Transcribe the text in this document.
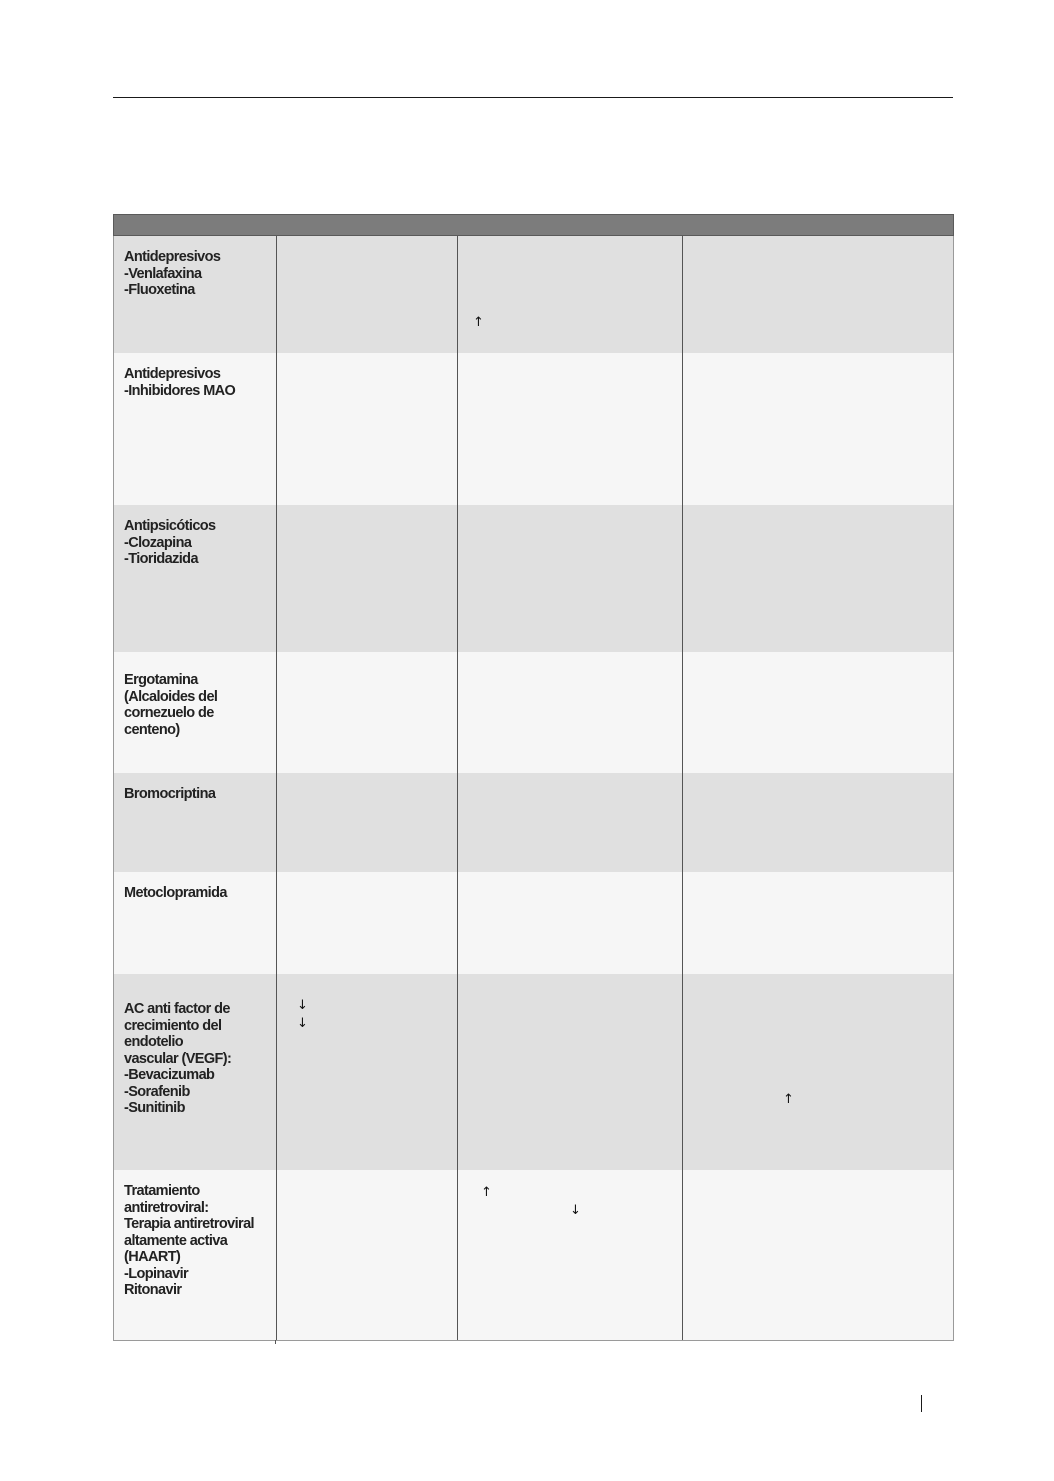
Antidepresivos
-Venlafaxina
-Fluoxetina
↑
Antidepresivos
-Inhibidores MAO
Antipsicóticos
-Clozapina
-Tioridazida
Ergotamina
(Alcaloides del
cornezuelo de
centeno)
Bromocriptina
Metoclopramida
AC anti factor de
crecimiento del
endotelio
vascular (VEGF):
-Bevacizumab
-Sorafenib
-Sunitinib
↓
↓
↑
Tratamiento
antiretroviral:
Terapia antiretroviral
altamente activa
(HAART)
-Lopinavir
Ritonavir
↑
↓
